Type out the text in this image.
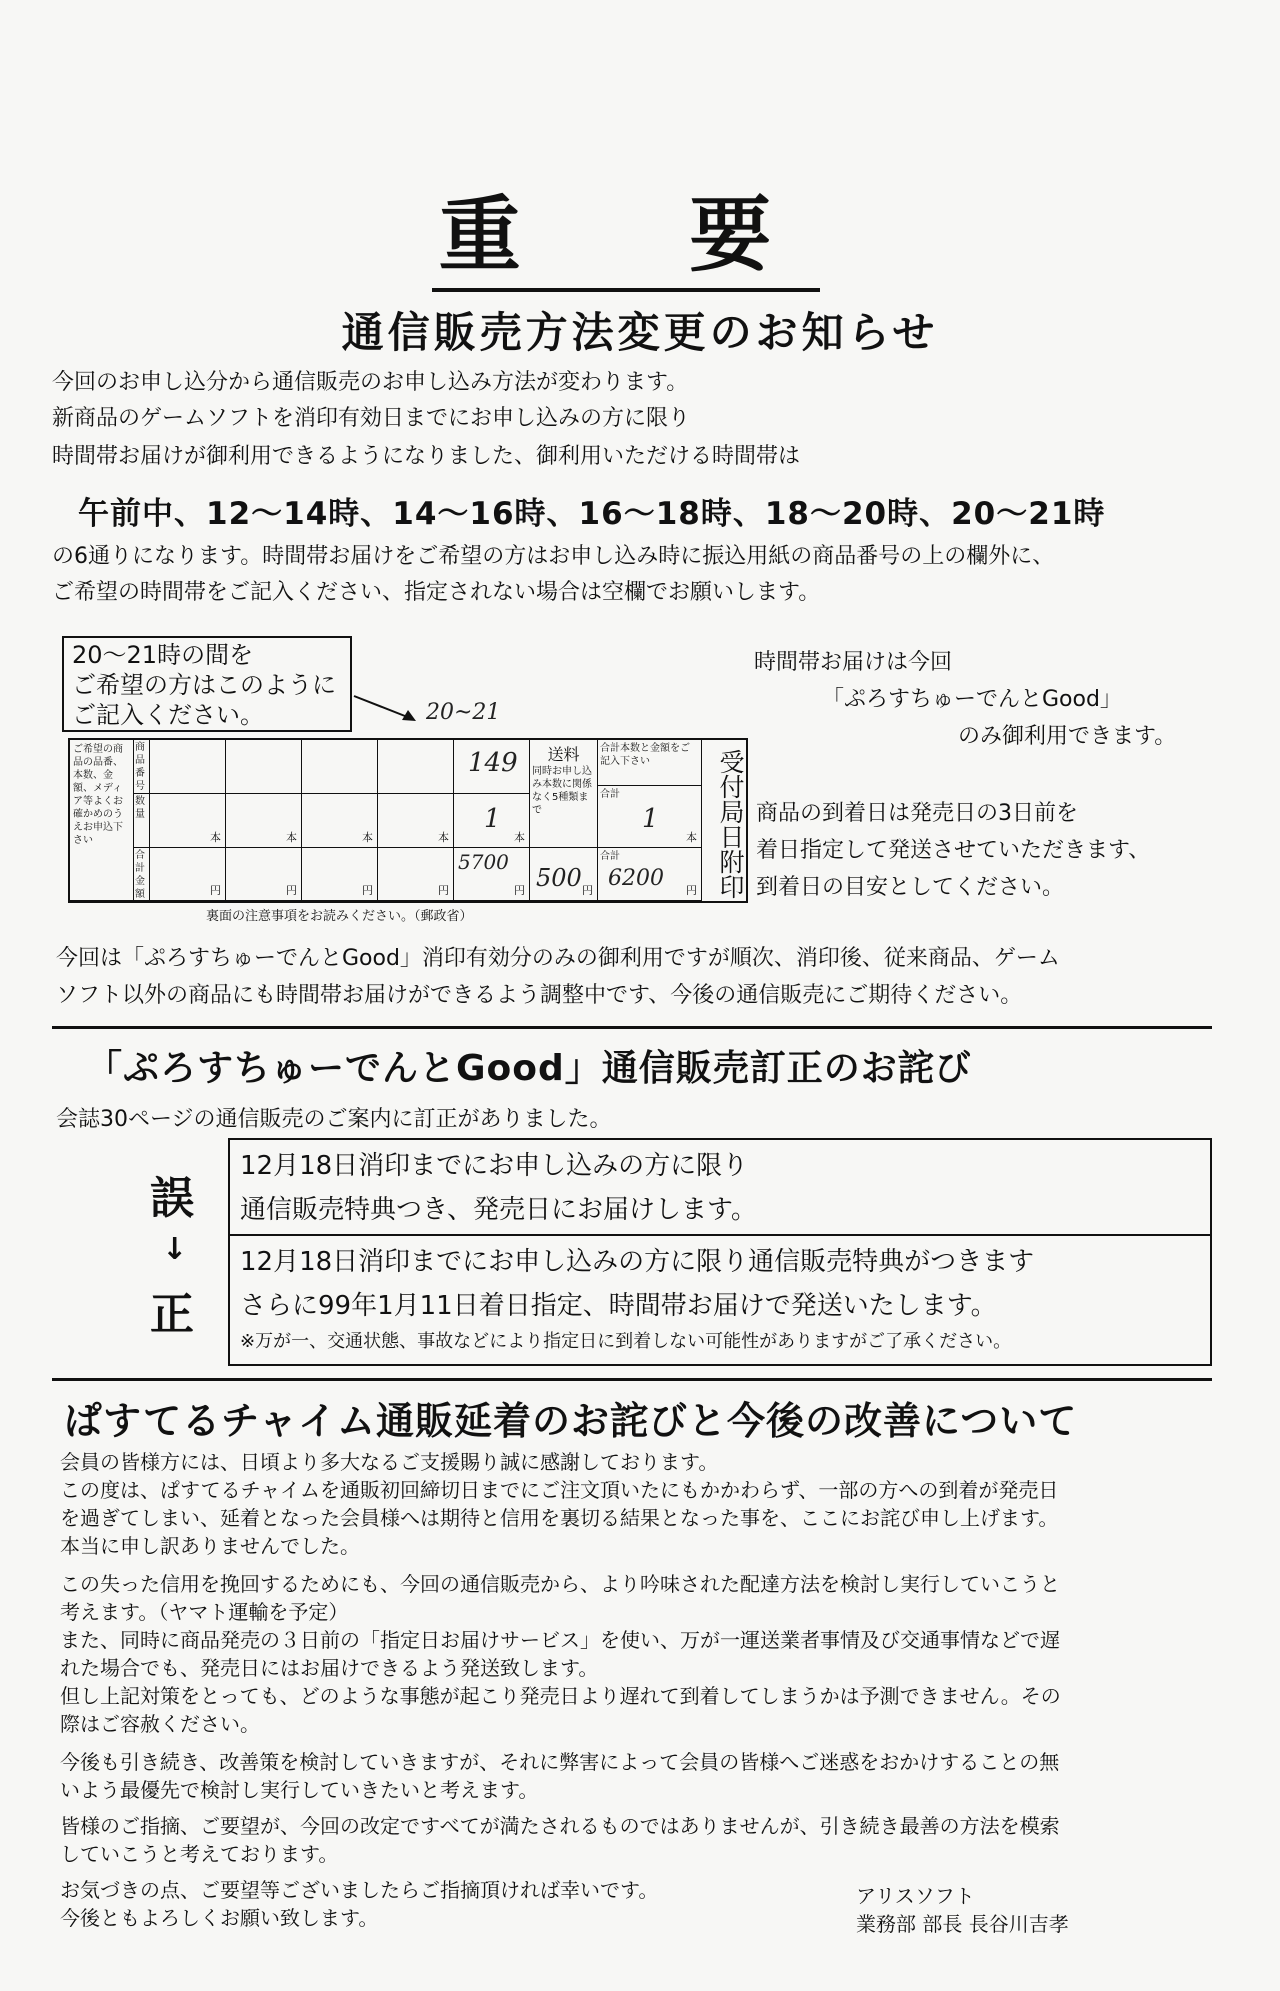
重 要
通信販売方法変更のお知らせ
今回のお申し込分から通信販売のお申し込み方法が変わります。
新商品のゲームソフトを消印有効日までにお申し込みの方に限り
時間帯お届けが御利用できるようになりました、御利用いただける時間帯は
午前中、12〜14時、14〜16時、16〜18時、18〜20時、20〜21時
の6通りになります。時間帯お届けをご希望の方はお申し込み時に振込用紙の商品番号の上の欄外に、
ご希望の時間帯をご記入ください、指定されない場合は空欄でお願いします。
20〜21時の間を
ご希望の方はこのように
ご記入ください。	20~21
ご希望の商品の品番、本数、金額、メディア等よくお確かめのうえお申込下さい
商品番号
数量
合計金額
本
円
本
円
本
円
本
円
149
1
本
5700
円
送料
同時お申し込み本数に関係なく5種類まで
500 円
合計本数と金額をご記入下さい
合計
1
本
合計
6200 円 受付局日附印
裏面の注意事項をお読みください。（郵政省）
時間帯お届けは今回
「ぷろすちゅーでんとGood」
のみ御利用できます。
商品の到着日は発売日の3日前を
着日指定して発送させていただきます、
到着日の目安としてください。
今回は「ぷろすちゅーでんとGood」消印有効分のみの御利用ですが順次、消印後、従来商品、ゲーム
ソフト以外の商品にも時間帯お届けができるよう調整中です、今後の通信販売にご期待ください。
「ぷろすちゅーでんとGood」通信販売訂正のお詫び
会誌30ページの通信販売のご案内に訂正がありました。
誤
↓
正
12月18日消印までにお申し込みの方に限り
通信販売特典つき、発売日にお届けします。
12月18日消印までにお申し込みの方に限り通信販売特典がつきます
さらに99年1月11日着日指定、時間帯お届けで発送いたします。
※万が一、交通状態、事故などにより指定日に到着しない可能性がありますがご了承ください。
ぱすてるチャイム通販延着のお詫びと今後の改善について
会員の皆様方には、日頃より多大なるご支援賜り誠に感謝しております。
この度は、ぱすてるチャイムを通販初回締切日までにご注文頂いたにもかかわらず、一部の方への到着が発売日
を過ぎてしまい、延着となった会員様へは期待と信用を裏切る結果となった事を、ここにお詫び申し上げます。
本当に申し訳ありませんでした。
この失った信用を挽回するためにも、今回の通信販売から、より吟味された配達方法を検討し実行していこうと
考えます。（ヤマト運輸を予定）
また、同時に商品発売の３日前の「指定日お届けサービス」を使い、万が一運送業者事情及び交通事情などで遅
れた場合でも、発売日にはお届けできるよう発送致します。
但し上記対策をとっても、どのような事態が起こり発売日より遅れて到着してしまうかは予測できません。その
際はご容赦ください。
今後も引き続き、改善策を検討していきますが、それに弊害によって会員の皆様へご迷惑をおかけすることの無
いよう最優先で検討し実行していきたいと考えます。
皆様のご指摘、ご要望が、今回の改定ですべてが満たされるものではありませんが、引き続き最善の方法を模索
していこうと考えております。
お気づきの点、ご要望等ございましたらご指摘頂ければ幸いです。
今後ともよろしくお願い致します。
アリスソフト
業務部 部長 長谷川吉孝
